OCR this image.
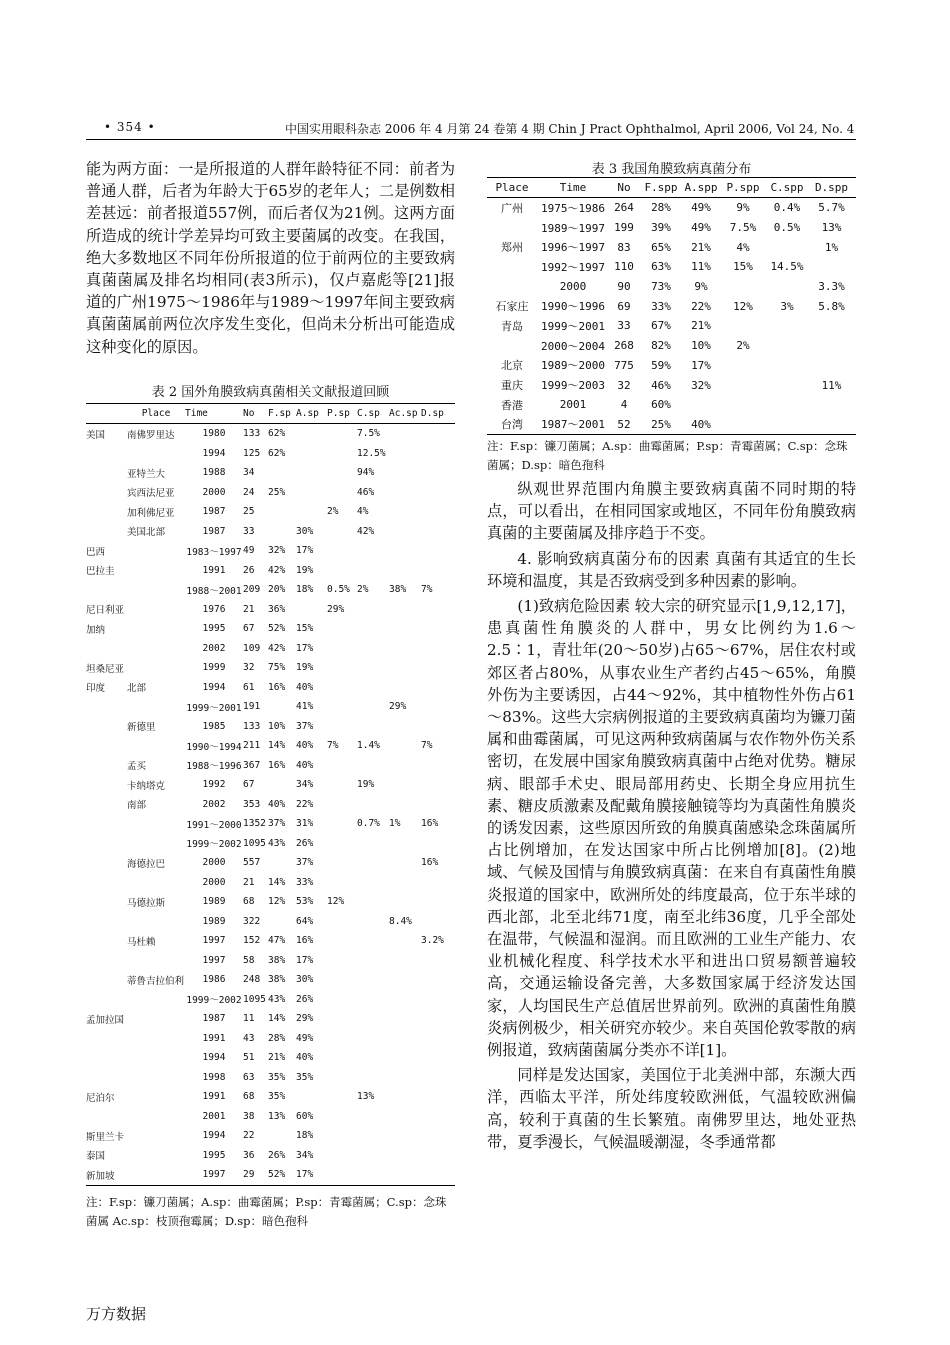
• 354 •	中国实用眼科杂志 2006 年 4 月第 24 卷第 4 期 Chin J Pract Ophthalmol, April 2006, Vol 24, No. 4
能为两方面：一是所报道的人群年龄特征不同：前者为普通人群，后者为年龄大于65岁的老年人；二是例数相差甚远：前者报道557例，而后者仅为21例。这两方面所造成的统计学差异均可致主要菌属的改变。在我国，绝大多数地区不同年份所报道的位于前两位的主要致病真菌菌属及排名均相同(表3所示)，仅卢嘉彪等[21]报道的广州1975～1986年与1989～1997年间主要致病真菌菌属前两位次序发生变化，但尚未分析出可能造成这种变化的原因。
表 2 国外角膜致病真菌相关文献报道回顾
	Place	Time	No	F.sp	A.sp	P.sp	C.sp	Ac.sp	D.sp
美国	南佛罗里达	1980	133	62%			7.5%		
		1994	125	62%			12.5%		
	亚特兰大	1988	34				94%		
	宾西法尼亚	2000	24	25%			46%		
	加利佛尼亚	1987	25			2%	4%		
	美国北部	1987	33		30%		42%		
巴西		1983～1997	49	32%	17%				
巴拉圭		1991	26	42%	19%				
		1988～2001	209	20%	18%	0.5%	2%	38%	7%
尼日利亚		1976	21	36%		29%			
加纳		1995	67	52%	15%				
		2002	109	42%	17%				
坦桑尼亚		1999	32	75%	19%				
印度	北部	1994	61	16%	40%				
		1999～2001	191		41%			29%	
	新德里	1985	133	10%	37%				
		1990～1994	211	14%	40%	7%	1.4%		7%
	孟买	1988～1996	367	16%	40%				
	卡纳塔克	1992	67		34%		19%		
	南部	2002	353	40%	22%				
		1991～2000	1352	37%	31%		0.7%	1%	16%
		1999～2002	1095	43%	26%				
	海德拉巴	2000	557		37%				16%
		2000	21	14%	33%				
	马德拉斯	1989	68	12%	53%	12%			
		1989	322		64%			8.4%	
	马杜赖	1997	152	47%	16%				3.2%
		1997	58	38%	17%				
	蒂鲁吉拉伯利	1986	248	38%	30%				
		1999～2002	1095	43%	26%				
孟加拉国		1987	11	14%	29%				
		1991	43	28%	49%				
		1994	51	21%	40%				
		1998	63	35%	35%				
尼泊尔		1991	68	35%			13%		
		2001	38	13%	60%				
斯里兰卡		1994	22		18%				
泰国		1995	36	26%	34%				
新加坡		1997	29	52%	17%				
注：F.sp：镰刀菌属；A.sp：曲霉菌属；P.sp：青霉菌属；C.sp：念珠菌属 Ac.sp：枝顶孢霉属；D.sp：暗色孢科
表 3 我国角膜致病真菌分布
Place	Time	No	F.spp	A.spp	P.spp	C.spp	D.spp
广州	1975～1986	264	28%	49%	9%	0.4%	5.7%
	1989～1997	199	39%	49%	7.5%	0.5%	13%
郑州	1996～1997	83	65%	21%	4%		1%
	1992～1997	110	63%	11%	15%	14.5%	
	2000	90	73%	9%			3.3%
石家庄	1990～1996	69	33%	22%	12%	3%	5.8%
青岛	1999～2001	33	67%	21%			
	2000～2004	268	82%	10%	2%		
北京	1989～2000	775	59%	17%			
重庆	1999～2003	32	46%	32%			11%
香港	2001	4	60%				
台湾	1987～2001	52	25%	40%			
注：F.sp：镰刀菌属；A.sp：曲霉菌属；P.sp：青霉菌属；C.sp：念珠菌属；D.sp：暗色孢科

纵观世界范围内角膜主要致病真菌不同时期的特点，可以看出，在相同国家或地区，不同年份角膜致病真菌的主要菌属及排序趋于不变。

4. 影响致病真菌分布的因素 真菌有其适宜的生长环境和温度，其是否致病受到多种因素的影响。

(1)致病危险因素 较大宗的研究显示[1,9,12,17]，患真菌性角膜炎的人群中，男女比例约为1.6～2.5∶1，青壮年(20～50岁)占65～67%，居住农村或郊区者占80%，从事农业生产者约占45～65%，角膜外伤为主要诱因，占44～92%，其中植物性外伤占61～83%。这些大宗病例报道的主要致病真菌均为镰刀菌属和曲霉菌属，可见这两种致病菌属与农作物外伤关系密切，在发展中国家角膜致病真菌中占绝对优势。糖尿病、眼部手术史、眼局部用药史、长期全身应用抗生素、糖皮质激素及配戴角膜接触镜等均为真菌性角膜炎的诱发因素，这些原因所致的角膜真菌感染念珠菌属所占比例增加，在发达国家中所占比例增加[8]。(2)地域、气候及国情与角膜致病真菌：在来自有真菌性角膜炎报道的国家中，欧洲所处的纬度最高，位于东半球的西北部，北至北纬71度，南至北纬36度，几乎全部处在温带，气候温和湿润。而且欧洲的工业生产能力、农业机械化程度、科学技术水平和进出口贸易额普遍较高，交通运输设备完善，大多数国家属于经济发达国家，人均国民生产总值居世界前列。欧洲的真菌性角膜炎病例极少，相关研究亦较少。来自英国伦敦零散的病例报道，致病菌菌属分类亦不详[1]。

同样是发达国家，美国位于北美洲中部，东濒大西洋，西临太平洋，所处纬度较欧洲低，气温较欧洲偏高，较利于真菌的生长繁殖。南佛罗里达，地处亚热带，夏季漫长，气候温暖潮湿，冬季通常都

万方数据
